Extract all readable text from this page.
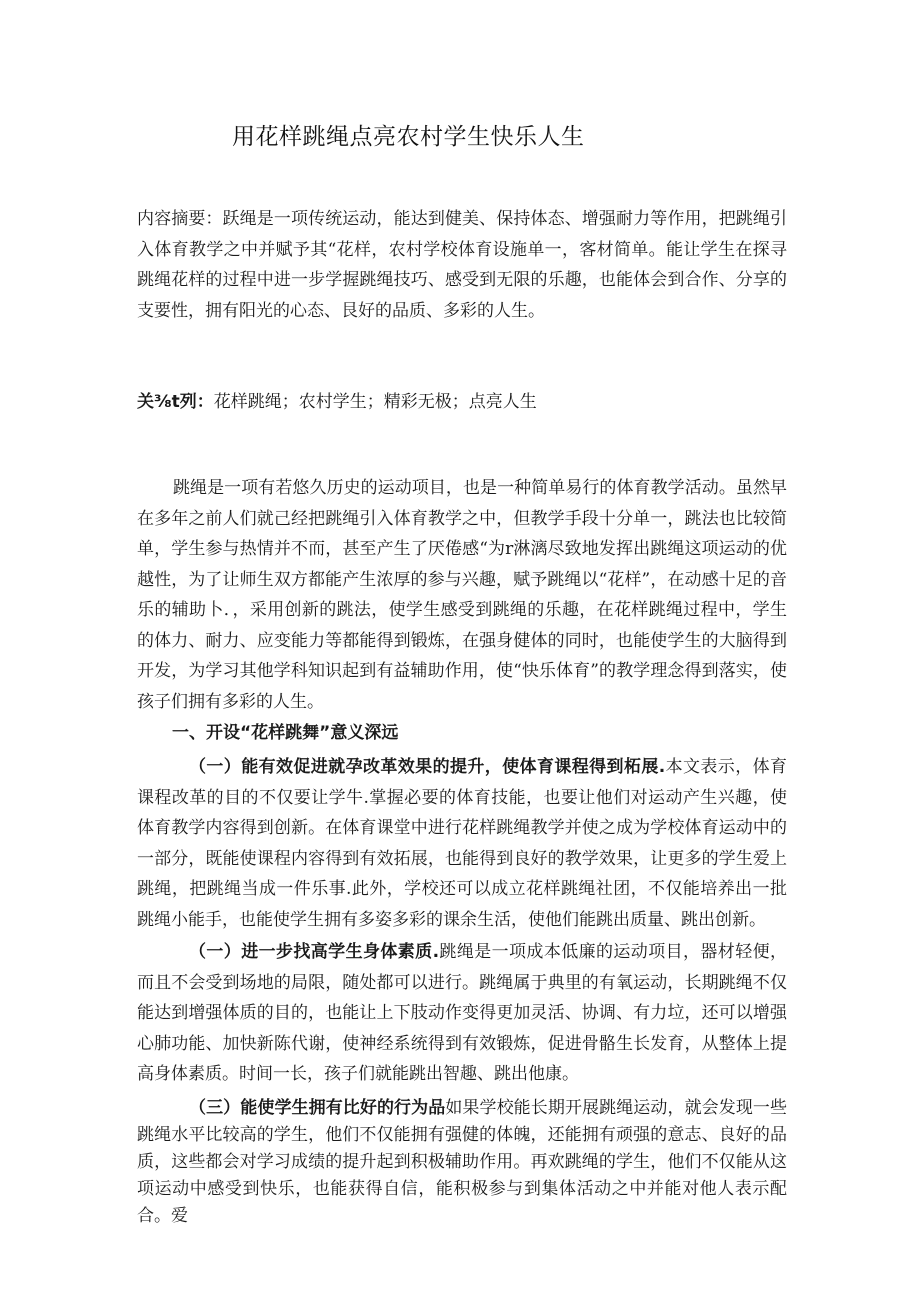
用花样跳绳点亮农村学生快乐人生

内容摘要：跃绳是一项传统运动，能达到健美、保持体态、增强耐力等作用，把跳绳引入体育教学之中并赋予其“花样，农村学校体育设施单一，客材简单。能让学生在探寻跳绳花样的过程中进一步学握跳绳技巧、感受到无限的乐趣，也能体会到合作、分享的支要性，拥有阳光的心态、艮好的品质、多彩的人生。

关⅜t列：花样跳绳；农村学生；精彩无极；点亮人生

跳绳是一项有若悠久历史的运动项目，也是一种简单易行的体育教学活动。虽然早在多年之前人们就己经把跳绳引入体育教学之中，但教学手段十分单一，跳法也比较简单，学生参与热情并不而，甚至产生了厌倦感“为r淋漓尽致地发挥出跳绳这项运动的优越性，为了让师生双方都能产生浓厚的参与兴趣，赋予跳绳以“花样”，在动感十足的音乐的辅助卜．，采用创新的跳法，使学生感受到跳绳的乐趣，在花样跳绳过程中，学生的体力、耐力、应变能力等都能得到锻炼，在强身健体的同时，也能使学生的大脑得到开发，为学习其他学科知识起到有益辅助作用，使“快乐体育”的教学理念得到落实，使孩子们拥有多彩的人生。

一、开设“花样跳舞”意义深远

（一）能有效促进就孕改革效果的提升，使体育课程得到柘展.本文表示，体育课程改革的目的不仅要让学牛.掌握必要的体育技能，也要让他们对运动产生兴趣，使体育教学内容得到创新。在体育课堂中进行花样跳绳教学并使之成为学校体育运动中的一部分，既能使课程内容得到有效拓展，也能得到良好的教学效果，让更多的学生爱上跳绳，把跳绳当成一件乐事.此外，学校还可以成立花样跳绳社团，不仅能培养出一批跳绳小能手，也能使学生拥有多姿多彩的课余生活，使他们能跳出质量、跳出创新。

（一）进一步找高学生身体素质.跳绳是一项成本低廉的运动项目，器材轻便，而且不会受到场地的局限，随处都可以进行。跳绳属于典里的有氧运动，长期跳绳不仅能达到增强体质的目的，也能让上下肢动作变得更加灵活、协调、有力垃，还可以增强心肺功能、加快新陈代谢，使神经系统得到有效锻炼，促进骨骼生长发育，从整体上提高身体素质。时间一长，孩子们就能跳出智趣、跳出他康。

（三）能使学生拥有比好的行为品如果学校能长期开展跳绳运动，就会发现一些跳绳水平比较高的学生，他们不仅能拥有强健的体魄，还能拥有顽强的意志、良好的品质，这些都会对学习成绩的提升起到积极辅助作用。再欢跳绳的学生，他们不仅能从这项运动中感受到快乐，也能获得自信，能积极参与到集体活动之中并能对他人表示配合。爱
